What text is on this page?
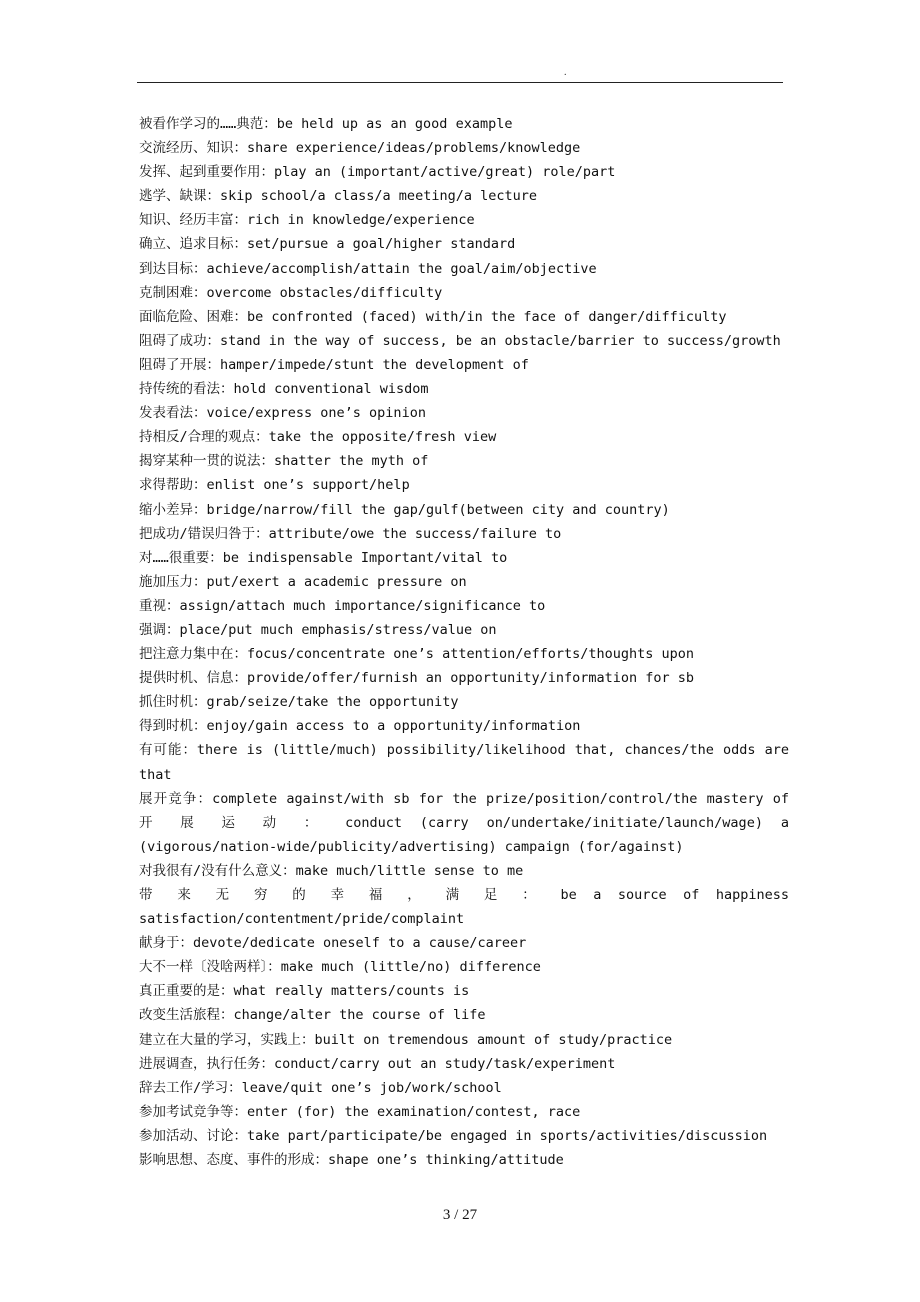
.
被看作学习的……典范：be held up as an good example
交流经历、知识：share experience/ideas/problems/knowledge
发挥、起到重要作用：play an (important/active/great) role/part
逃学、缺课：skip school/a class/a meeting/a lecture
知识、经历丰富：rich in knowledge/experience
确立、追求目标：set/pursue a goal/higher standard
到达目标：achieve/accomplish/attain the goal/aim/objective
克制困难：overcome obstacles/difficulty
面临危险、困难：be confronted (faced) with/in the face of danger/difficulty
阻碍了成功：stand in the way of success, be an obstacle/barrier to success/growth
阻碍了开展：hamper/impede/stunt the development of
持传统的看法：hold conventional wisdom
发表看法：voice/express one’s opinion
持相反/合理的观点：take the opposite/fresh view
揭穿某种一贯的说法：shatter the myth of
求得帮助：enlist one’s support/help
缩小差异：bridge/narrow/fill the gap/gulf(between city and country)
把成功/错误归咎于：attribute/owe the success/failure to
对……很重要：be indispensable Important/vital to
施加压力：put/exert a academic pressure on
重视：assign/attach much importance/significance to
强调：place/put much emphasis/stress/value on
把注意力集中在：focus/concentrate one’s attention/efforts/thoughts upon
提供时机、信息：provide/offer/furnish an opportunity/information for sb
抓住时机：grab/seize/take the opportunity
得到时机：enjoy/gain access to a opportunity/information
有可能：there is (little/much) possibility/likelihood that, chances/the odds are
that
展开竞争：complete against/with sb for the prize/position/control/the mastery of
开 展 运 动 ： conduct (carry on/undertake/initiate/launch/wage) a
(vigorous/nation-wide/publicity/advertising) campaign (for/against)
对我很有/没有什么意义：make much/little sense to me
带 来 无 穷 的 幸 福 ， 满 足 ： be a source of happiness
satisfaction/contentment/pride/complaint
献身于：devote/dedicate oneself to a cause/career
大不一样〔没啥两样〕：make much (little/no) difference
真正重要的是：what really matters/counts is
改变生活旅程：change/alter the course of life
建立在大量的学习，实践上：built on tremendous amount of study/practice
进展调查，执行任务：conduct/carry out an study/task/experiment
辞去工作/学习：leave/quit one’s job/work/school
参加考试竞争等：enter (for) the examination/contest, race
参加活动、讨论：take part/participate/be engaged in sports/activities/discussion
影响思想、态度、事件的形成：shape one’s thinking/attitude
3 / 27
